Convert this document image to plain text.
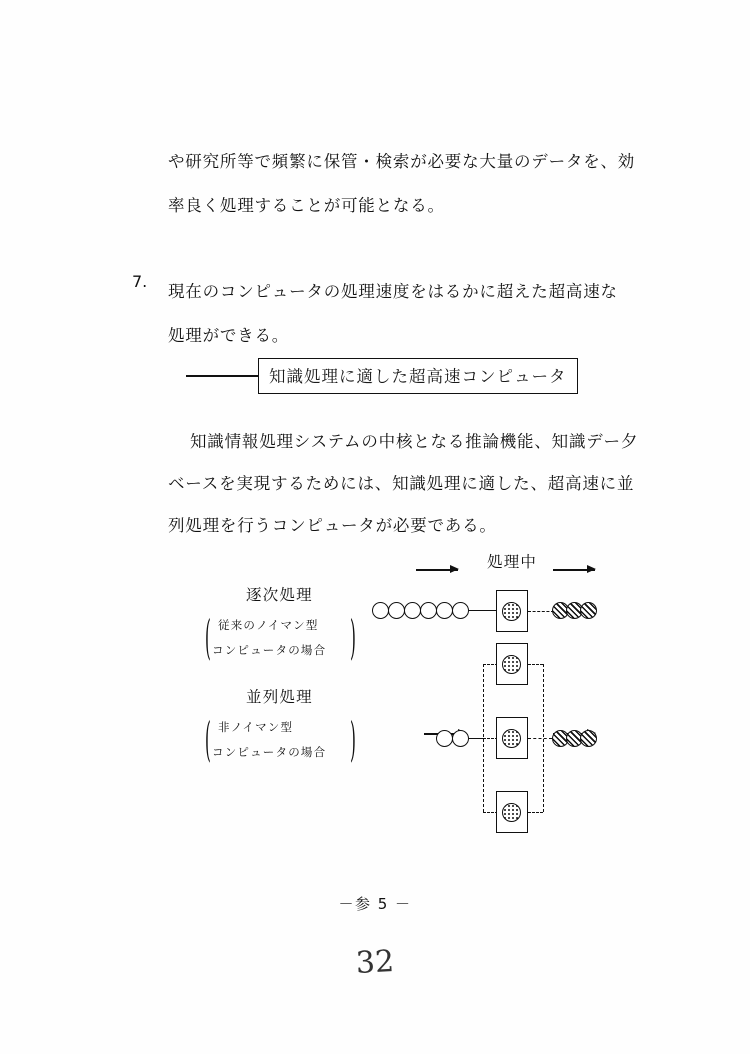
や研究所等で頻繁に保管・検索が必要な大量のデータを、効
率良く処理することが可能となる。
7.
現在のコンピュータの処理速度をはるかに超えた超高速な
処理ができる。
知識処理に適した超高速コンピュータ
知識情報処理システムの中核となる推論機能、知識デー夕
ベースを実現するためには、知識処理に適した、超高速に並
列処理を行うコンピュータが必要である。
処理中
逐次処理
(	)
従来のノイマン型
コンピュータの場合
並列処理
(	)
非ノイマン型
コンピュータの場合
－参 5 －
32
